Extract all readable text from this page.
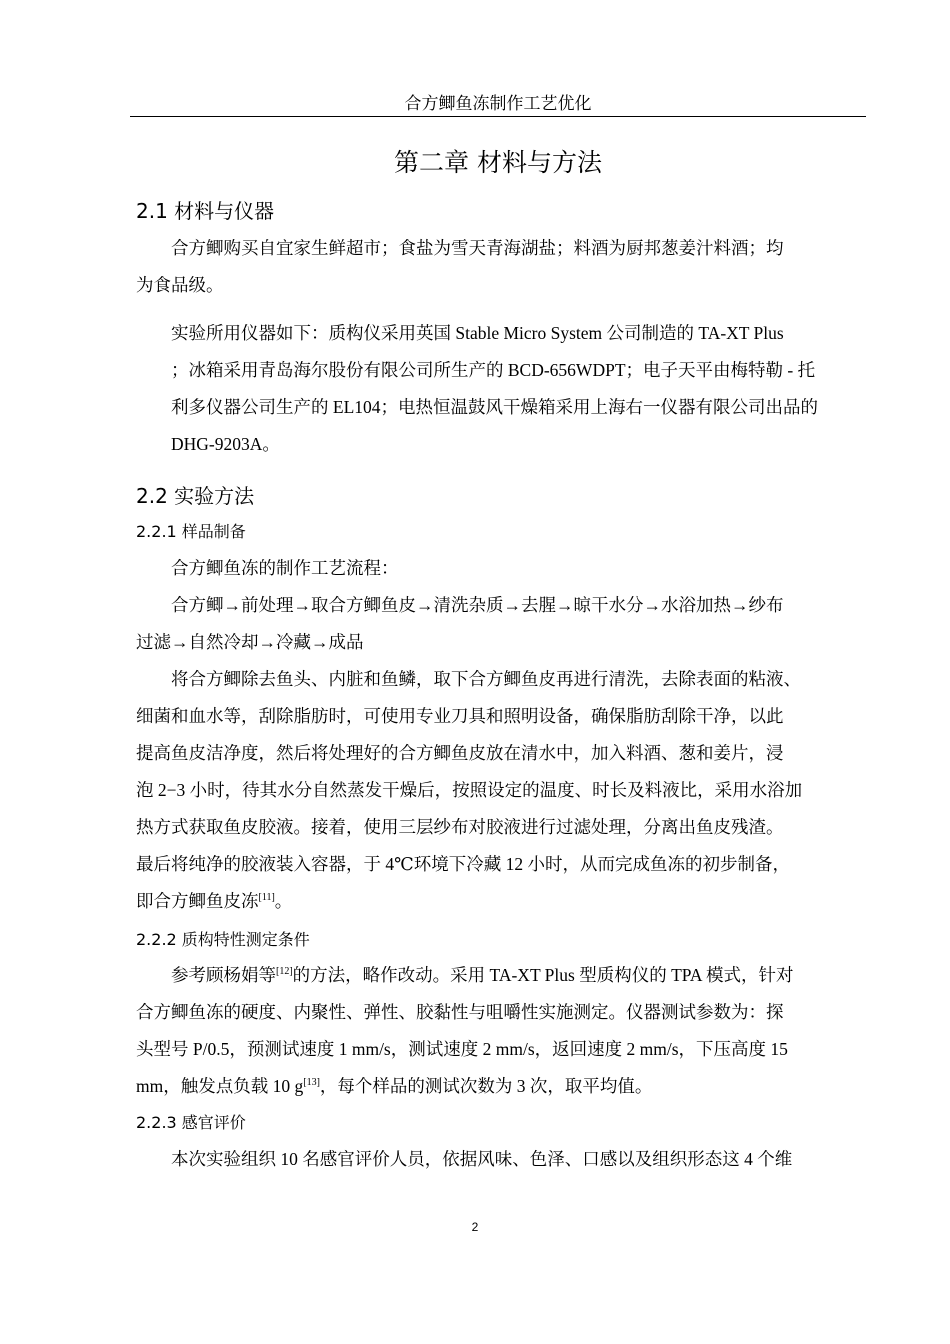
合方鲫鱼冻制作工艺优化
第二章 材料与方法
2.1 材料与仪器

合方鲫购买自宜家生鲜超市；食盐为雪天青海湖盐；料酒为厨邦葱姜汁料酒；均
为食品级。

实验所用仪器如下：质构仪采用英国 Stable Micro System 公司制造的 TA-XT Plus
；冰箱采用青岛海尔股份有限公司所生产的 BCD-656WDPT；电子天平由梅特勒 - 托
利多仪器公司生产的 EL104；电热恒温鼓风干燥箱采用上海右一仪器有限公司出品的
DHG-9203A。

2.2 实验方法
2.2.1 样品制备

合方鲫鱼冻的制作工艺流程：

合方鲫→前处理→取合方鲫鱼皮→清洗杂质→去腥→晾干水分→水浴加热→纱布
过滤→自然冷却→冷藏→成品

将合方鲫除去鱼头、内脏和鱼鳞，取下合方鲫鱼皮再进行清洗，去除表面的粘液、
细菌和血水等，刮除脂肪时，可使用专业刀具和照明设备，确保脂肪刮除干净，以此
提高鱼皮洁净度，然后将处理好的合方鲫鱼皮放在清水中，加入料酒、葱和姜片，浸
泡 2−3 小时，待其水分自然蒸发干燥后，按照设定的温度、时长及料液比，采用水浴加
热方式获取鱼皮胶液。接着，使用三层纱布对胶液进行过滤处理，分离出鱼皮残渣。
最后将纯净的胶液装入容器，于 4℃环境下冷藏 12 小时，从而完成鱼冻的初步制备，
即合方鲫鱼皮冻[11]。

2.2.2 质构特性测定条件

参考顾杨娟等[12]的方法，略作改动。采用 TA-XT Plus 型质构仪的 TPA 模式，针对
合方鲫鱼冻的硬度、内聚性、弹性、胶黏性与咀嚼性实施测定。仪器测试参数为：探
头型号 P/0.5，预测试速度 1 mm/s，测试速度 2 mm/s，返回速度 2 mm/s，下压高度 15
mm，触发点负载 10 g[13]，每个样品的测试次数为 3 次，取平均值。

2.2.3 感官评价

本次实验组织 10 名感官评价人员，依据风味、色泽、口感以及组织形态这 4 个维

2
